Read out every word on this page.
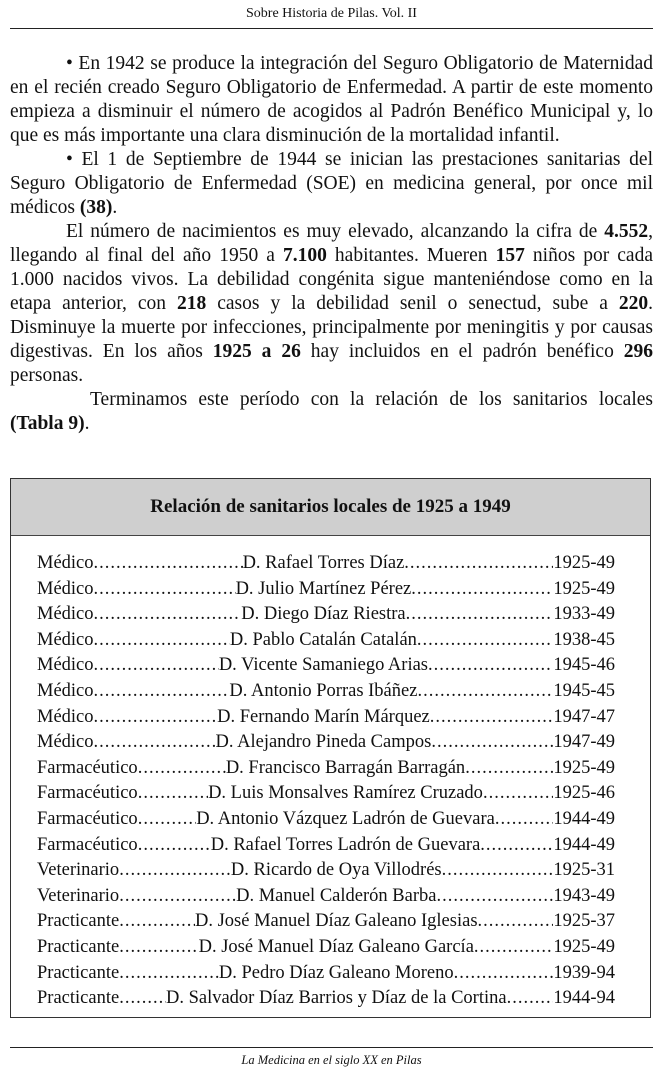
Sobre Historia de Pilas. Vol. II

• En 1942 se produce la integración del Seguro Obligatorio de Maternidad en el recién creado Seguro Obligatorio de Enfermedad. A partir de este momento empieza a disminuir el número de acogidos al Padrón Benéfico Municipal y, lo que es más importante una clara disminución de la mortalidad infantil.

• El 1 de Septiembre de 1944 se inician las prestaciones sanitarias del Seguro Obligatorio de Enfermedad (SOE) en medicina general, por once mil médicos (38).

El número de nacimientos es muy elevado, alcanzando la cifra de 4.552, llegando al final del año 1950 a 7.100 habitantes. Mueren 157 niños por cada 1.000 nacidos vivos. La debilidad congénita sigue manteniéndose como en la etapa anterior, con 218 casos y la debilidad senil o senectud, sube a 220. Disminuye la muerte por infecciones, principalmente por meningitis y por causas digestivas. En los años 1925 a 26 hay incluidos en el padrón benéfico 296 personas.

Terminamos este período con la relación de los sanitarios locales (Tabla 9).

Relación de sanitarios locales de 1925 a 1949
Médico .....	D. Rafael Torres Díaz .....	1925-49
Médico .....	D. Julio Martínez Pérez .....	1925-49
Médico .....	D. Diego Díaz Riestra .....	1933-49
Médico .....	D. Pablo Catalán Catalán .....	1938-45
Médico .....	D. Vicente Samaniego Arias .....	1945-46
Médico .....	D. Antonio Porras Ibáñez .....	1945-45
Médico .....	D. Fernando Marín Márquez .....	1947-47
Médico .....	D. Alejandro Pineda Campos .....	1947-49
Farmacéutico .....	D. Francisco Barragán Barragán .....	1925-49
Farmacéutico .....	D. Luis Monsalves Ramírez Cruzado .....	1925-46
Farmacéutico .....	D. Antonio Vázquez Ladrón de Guevara .....	1944-49
Farmacéutico .....	D. Rafael Torres Ladrón de Guevara .....	1944-49
Veterinario .....	D. Ricardo de Oya Villodrés .....	1925-31
Veterinario .....	D. Manuel Calderón Barba .....	1943-49
Practicante .....	D. José Manuel Díaz Galeano Iglesias .....	1925-37
Practicante .....	D. José Manuel Díaz Galeano García .....	1925-49
Practicante .....	D. Pedro Díaz Galeano Moreno .....	1939-94
Practicante .....	D. Salvador Díaz Barrios y Díaz de la Cortina .....	1944-94
La Medicina en el siglo XX en Pilas
